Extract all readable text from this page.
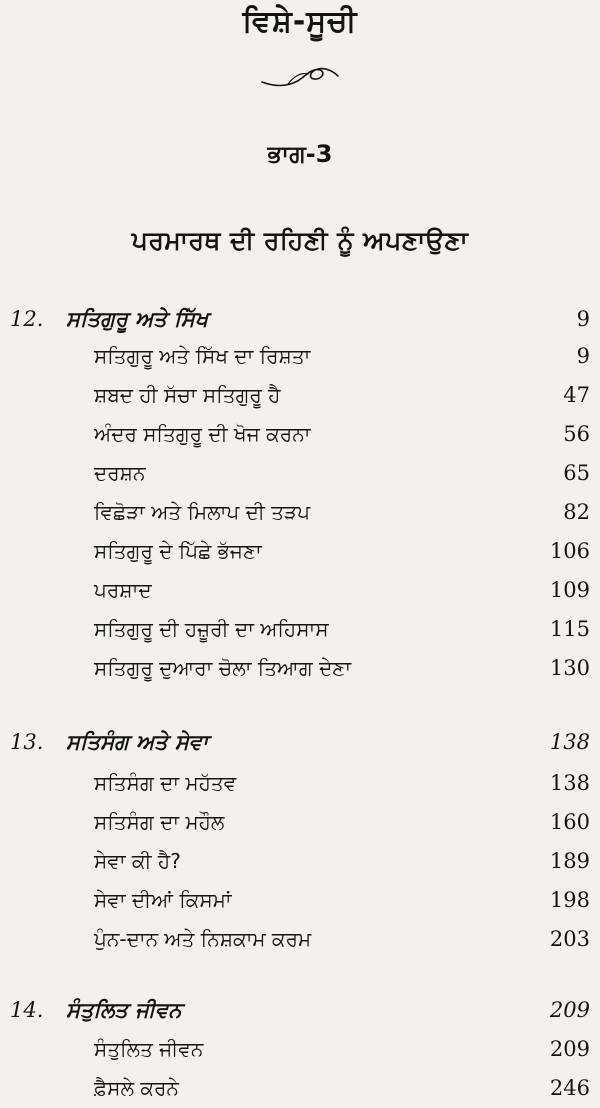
ਵਿਸ਼ੇ-ਸੂਚੀ
ਭਾਗ-3
ਪਰਮਾਰਥ ਦੀ ਰਹਿਣੀ ਨੂੰ ਅਪਣਾਉਣਾ
12. ਸਤਿਗੁਰੂ ਅਤੇ ਸਿੱਖ	9
ਸਤਿਗੁਰੂ ਅਤੇ ਸਿੱਖ ਦਾ ਰਿਸ਼ਤਾ	9
ਸ਼ਬਦ ਹੀ ਸੱਚਾ ਸਤਿਗੁਰੂ ਹੈ	47
ਅੰਦਰ ਸਤਿਗੁਰੂ ਦੀ ਖੋਜ ਕਰਨਾ	56
ਦਰਸ਼ਨ	65
ਵਿਛੋੜਾ ਅਤੇ ਮਿਲਾਪ ਦੀ ਤੜਪ	82
ਸਤਿਗੁਰੂ ਦੇ ਪਿੱਛੇ ਭੱਜਣਾ	106
ਪਰਸ਼ਾਦ	109
ਸਤਿਗੁਰੂ ਦੀ ਹਜ਼ੂਰੀ ਦਾ ਅਹਿਸਾਸ	115
ਸਤਿਗੁਰੂ ਦੁਆਰਾ ਚੋਲਾ ਤਿਆਗ ਦੇਣਾ	130
13. ਸਤਿਸੰਗ ਅਤੇ ਸੇਵਾ	138
ਸਤਿਸੰਗ ਦਾ ਮਹੱਤਵ	138
ਸਤਿਸੰਗ ਦਾ ਮਹੌਲ	160
ਸੇਵਾ ਕੀ ਹੈ?	189
ਸੇਵਾ ਦੀਆਂ ਕਿਸਮਾਂ	198
ਪੁੰਨ-ਦਾਨ ਅਤੇ ਨਿਸ਼ਕਾਮ ਕਰਮ	203
14. ਸੰਤੁਲਿਤ ਜੀਵਨ	209
ਸੰਤੁਲਿਤ ਜੀਵਨ	209
ਫ਼ੈਸਲੇ ਕਰਨੇ	246
